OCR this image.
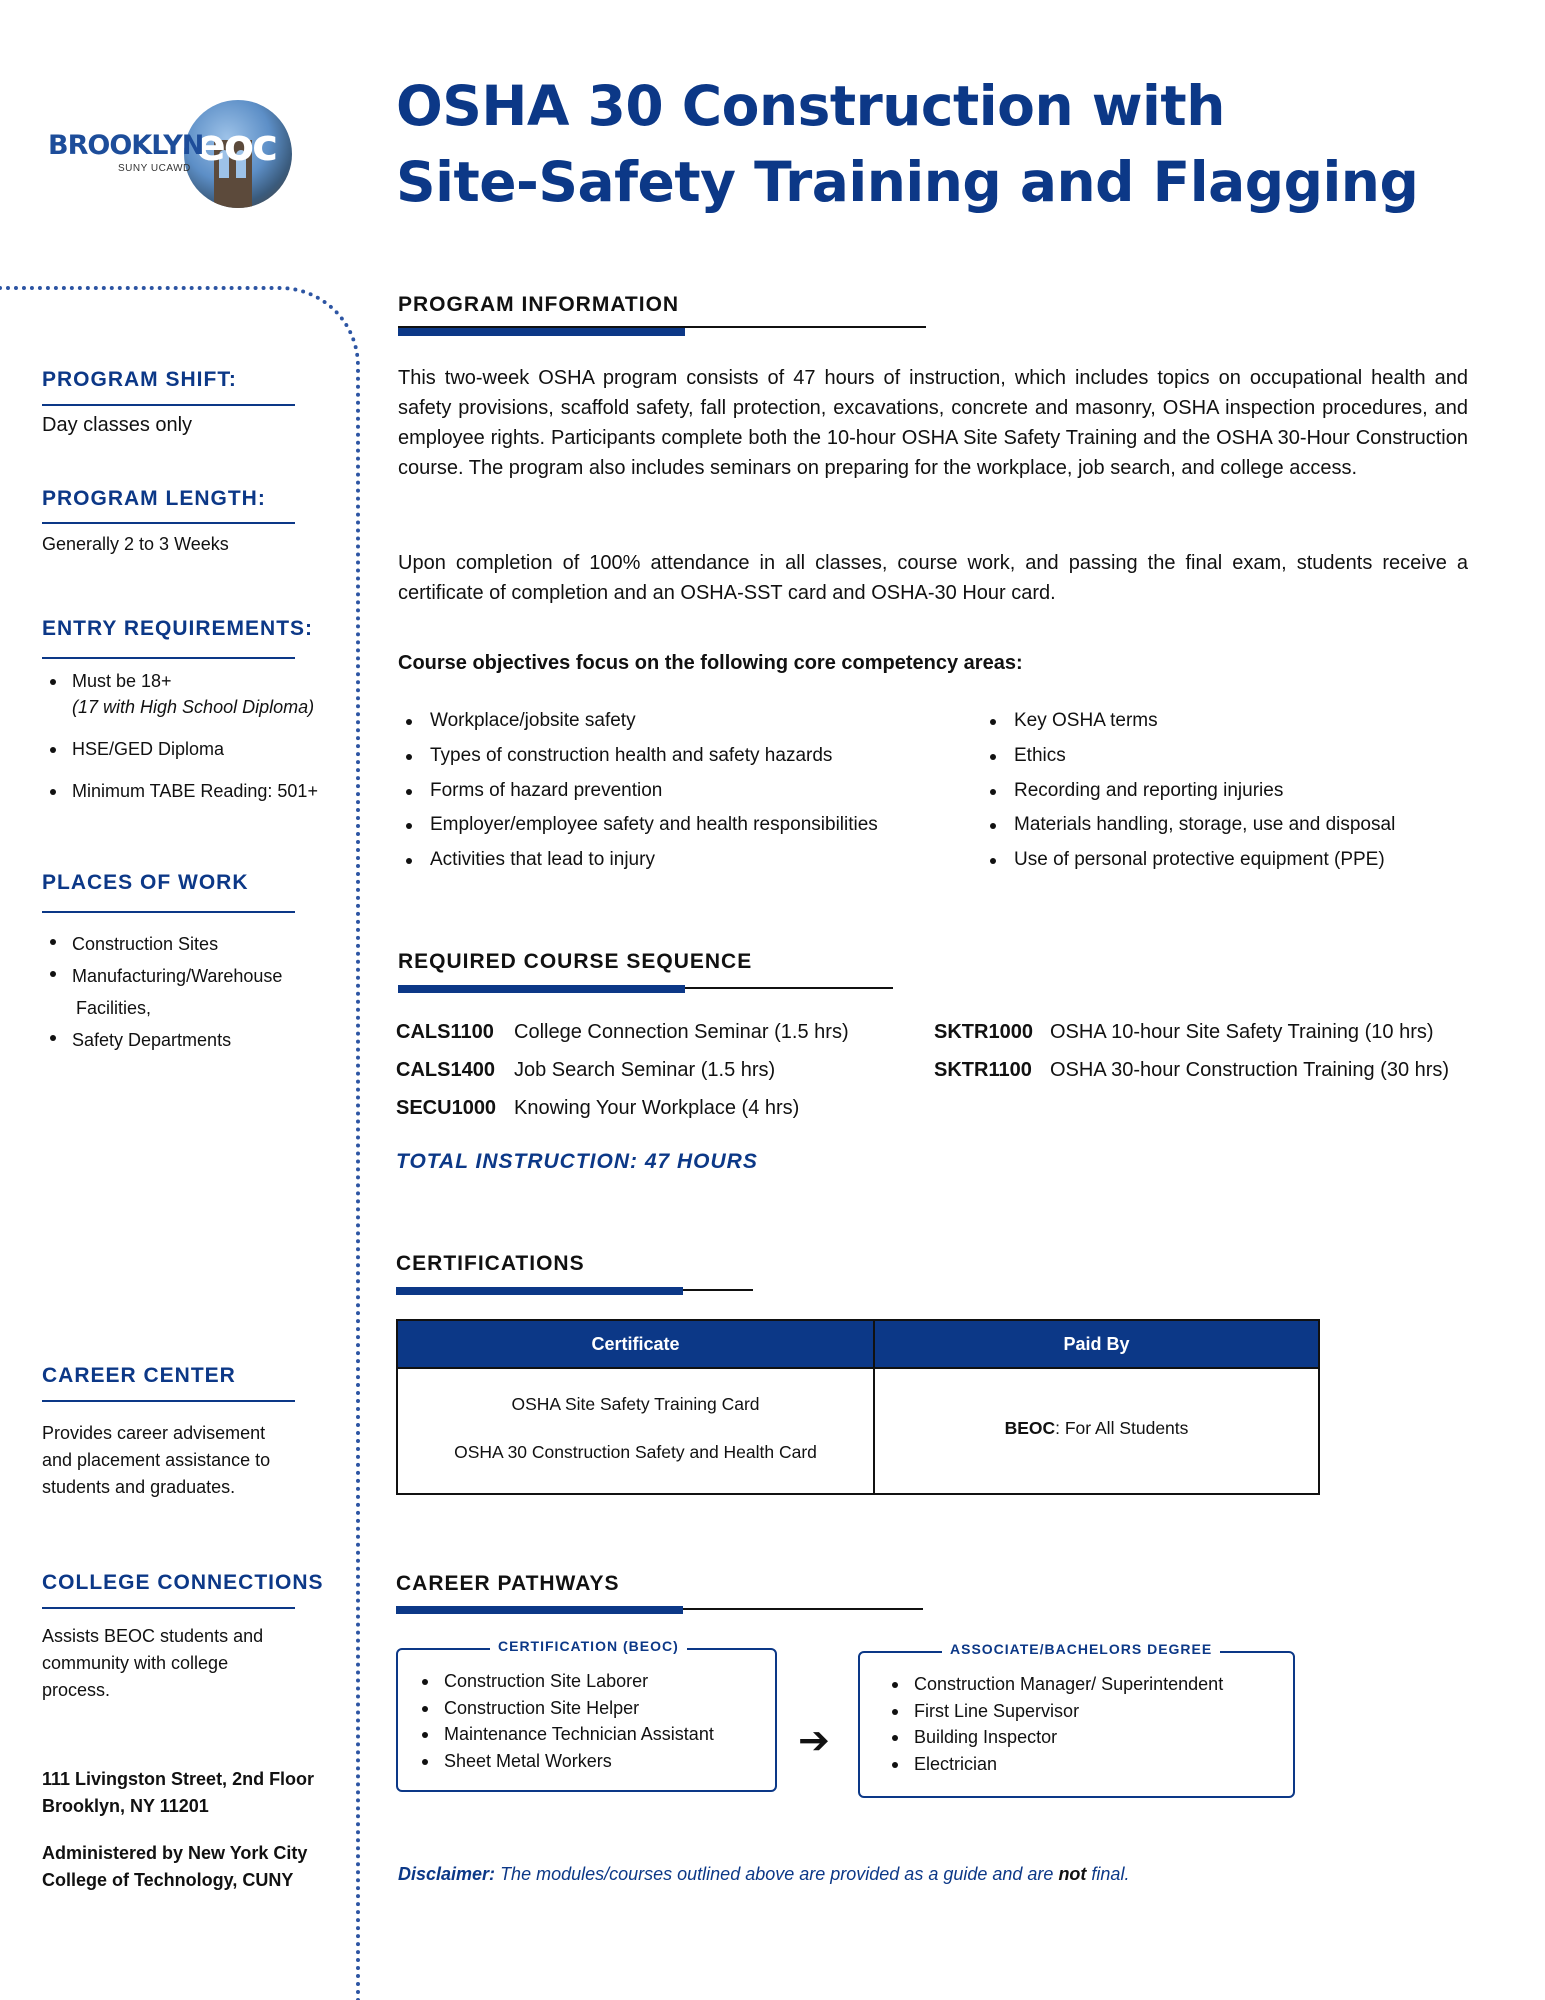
eoc
BROOKLYN
SUNY UCAWD
OSHA 30 Construction with
Site-Safety Training and Flagging
PROGRAM SHIFT:
Day classes only
PROGRAM LENGTH:
Generally 2 to 3 Weeks
ENTRY REQUIREMENTS:
Must be 18+
(17 with High School Diploma)
HSE/GED Diploma
Minimum TABE Reading: 501+
PLACES OF WORK
Construction Sites
Manufacturing/Warehouse
Facilities,
Safety Departments
CAREER CENTER
Provides career advisement
and placement assistance to
students and graduates.
COLLEGE CONNECTIONS
Assists BEOC students and
community with college
process.
111 Livingston Street, 2nd Floor
Brooklyn, NY 11201
Administered by New York City
College of Technology, CUNY
PROGRAM INFORMATION
This two-week OSHA program consists of 47 hours of instruction, which includes topics on occupational health and safety provisions, scaffold safety, fall protection, excavations, concrete and masonry, OSHA inspection procedures, and employee rights. Participants complete both the 10-hour OSHA Site Safety Training and the OSHA 30-Hour Construction course. The program also includes seminars on preparing for the workplace, job search, and college access.
Upon completion of 100% attendance in all classes, course work, and passing the final exam, students receive a certificate of completion and an OSHA-SST card and OSHA-30 Hour card.
Course objectives focus on the following core competency areas:
Workplace/jobsite safety
Types of construction health and safety hazards
Forms of hazard prevention
Employer/employee safety and health responsibilities
Activities that lead to injury
Key OSHA terms
Ethics
Recording and reporting injuries
Materials handling, storage, use and disposal
Use of personal protective equipment (PPE)
REQUIRED COURSE SEQUENCE
CALS1100 College Connection Seminar (1.5 hrs)
CALS1400 Job Search Seminar (1.5 hrs)
SECU1000 Knowing Your Workplace (4 hrs)
SKTR1000 OSHA 10-hour Site Safety Training (10 hrs)
SKTR1100 OSHA 30-hour Construction Training (30 hrs)
TOTAL INSTRUCTION: 47 HOURS
CERTIFICATIONS
Certificate	Paid By
OSHA Site Safety Training Card
OSHA 30 Construction Safety and Health Card
BEOC: For All Students
CAREER PATHWAYS
CERTIFICATION (BEOC)
Construction Site Laborer
Construction Site Helper
Maintenance Technician Assistant
Sheet Metal Workers	➔
ASSOCIATE/BACHELORS DEGREE
Construction Manager/ Superintendent
First Line Supervisor
Building Inspector
Electrician
Disclaimer: The modules/courses outlined above are provided as a guide and are not final.
